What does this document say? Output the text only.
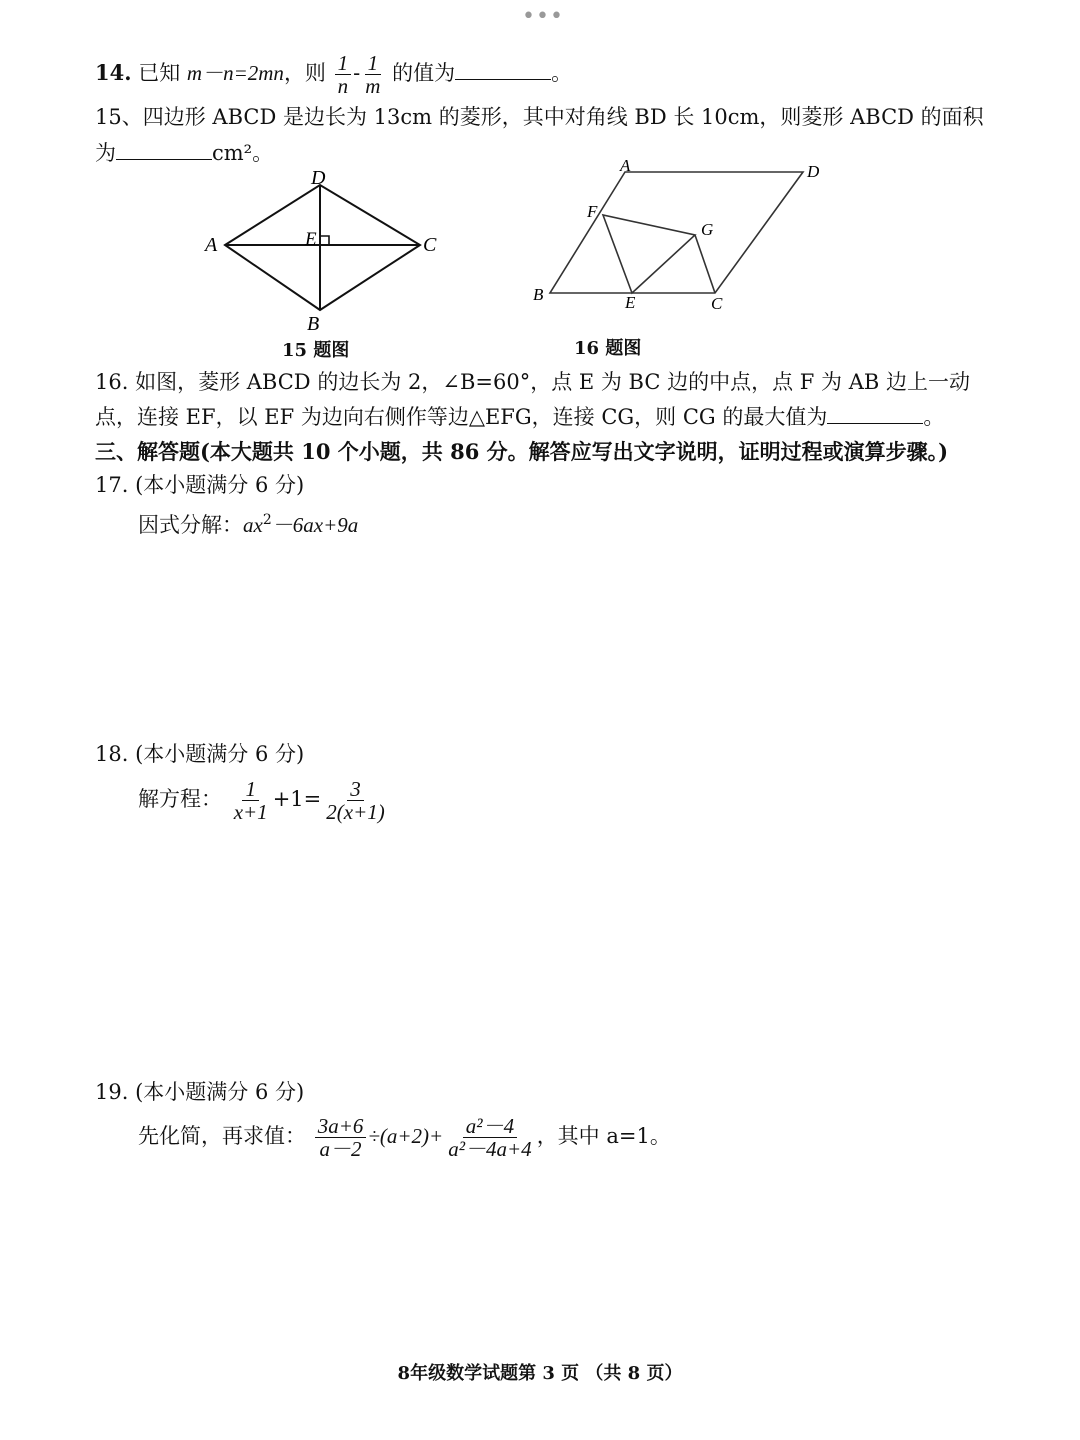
•••
14. 已知 m－n=2mn，则 $\frac{1}{n} - \frac{1}{m}$ 的值为	。
15、四边形 ABCD 是边长为 13cm 的菱形，其中对角线 BD 长 10cm，则菱形 ABCD 的面积
为	cm²。
D
A	C
E
B
15 题图
A	D
F
G
B	E	C
16 题图
16. 如图，菱形 ABCD 的边长为 2，∠B=60°，点 E 为 BC 边的中点，点 F 为 AB 边上一动
点，连接 EF，以 EF 为边向右侧作等边△EFG，连接 CG，则 CG 的最大值为	。
三、解答题(本大题共 10 个小题，共 86 分。解答应写出文字说明，证明过程或演算步骤。)
17. (本小题满分 6 分)
因式分解：$ax^2-6ax+9a$
18. (本小题满分 6 分)
解方程： $\frac{1}{x+1} +1= \frac{3}{2(x+1)}$
19. (本小题满分 6 分)
先化简，再求值： $\frac{3a+6}{a-2} \div(a+2)+ \frac{\text{a²－4}}{\text{a²－4a+4}}$ ，其中 a=1。
8年级数学试题第 3 页 （共 8 页）
